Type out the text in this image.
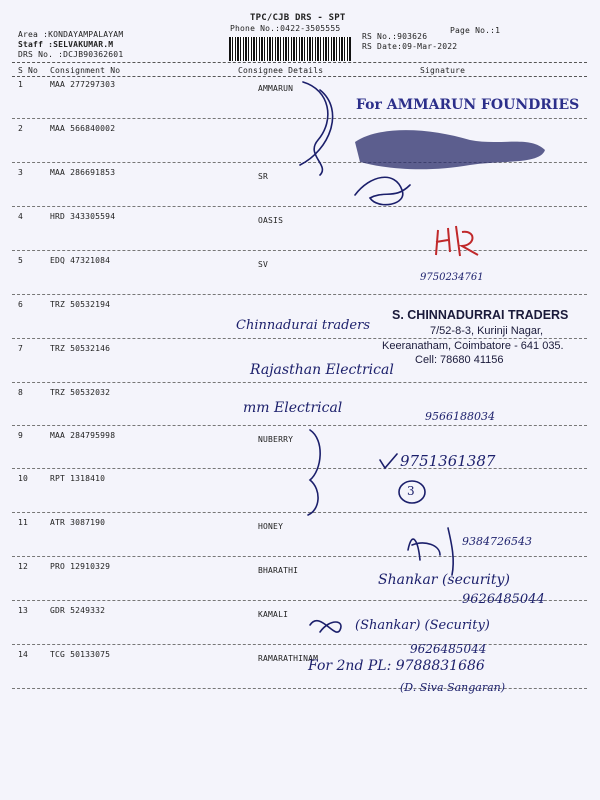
TPC/CJB DRS - SPT
Phone No.:0422-3505555	Page No.:1
Area :KONDAYAMPALAYAM
Staff :SELVAKUMAR.M
DRS No. :DCJB90362601
RS No.:903626
RS Date:09-Mar-2022
S No Consignment No	Consignee Details	Signature
1	MAA 277297303	AMMARUN
2	MAA 566840002
3	MAA 286691853	SR
4	HRD 343305594	OASIS
5	EDQ 47321084	SV
6	TRZ 50532194
7	TRZ 50532146
8	TRZ 50532032
9	MAA 284795998	NUBERRY
10	RPT 1318410
11	ATR 3087190	HONEY
12	PRO 12910329	BHARATHI
13	GDR 5249332	KAMALI
14	TCG 50133075	RAMARATHINAM
For AMMARUN FOUNDRIES
S. CHINNADURRAI TRADERS
7/52-8-3, Kurinji Nagar,
Keeranatham, Coimbatore - 641 035.
Cell: 78680 41156
9750234761
Chinnadurai traders
Rajasthan Electrical
mm Electrical
9566188034
9751361387
3
9384726543
Shankar (security)
9626485044
(Shankar) (Security)
9626485044
For 2nd PL: 9788831686
(D. Siva Sangaran)
